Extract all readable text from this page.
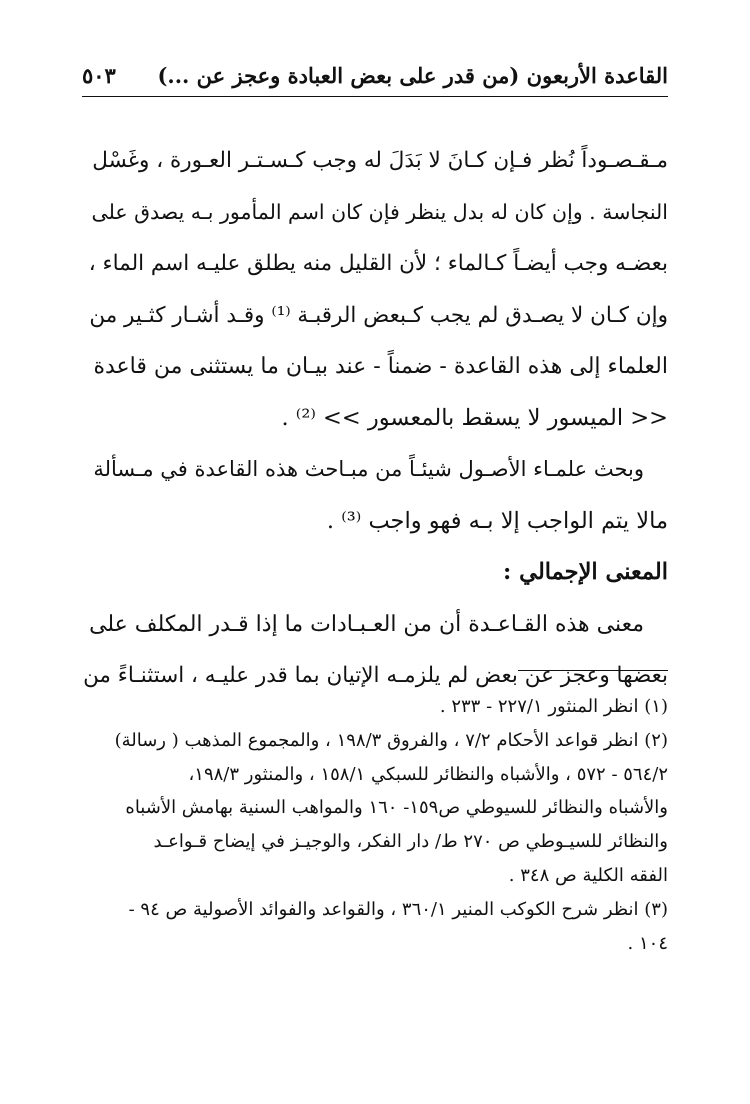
القاعدة الأربعون (من قدر على بعض العبادة وعجز عن ...)
٥٠٣
مـقـصـوداً نُظر فـإن كـانَ لا بَدَلَ له وجب كـسـتـر العـورة ، وغَسْل
النجاسة . وإن كان له بدل ينظر فإن كان اسم المأمور بـه يصدق على
بعضـه وجب أيضـاً كـالماء ؛ لأن القليل منه يطلق عليـه اسم الماء ،
وإن كـان لا يصـدق لم يجب كـبعض الرقبـة ⁽¹⁾ وقـد أشـار كثـير من
العلماء إلى هذه القاعدة - ضمناً - عند بيـان ما يستثنى من قاعدة
<< الميسور لا يسقط بالمعسور >> ⁽²⁾ .
وبحث علمـاء الأصـول شيئـاً من مبـاحث هذه القاعدة في مـسألة
مالا يتم الواجب إلا بـه فهو واجب ⁽³⁾ .
المعنى الإجمالي :
معنى هذه القـاعـدة أن من العـبـادات ما إذا قـدر المكلف على
بعضها وعجز عن بعض لم يلزمـه الإتيان بما قدر عليـه ، استثنـاءً من
(١) انظر المنثور ٢٢٧/١ - ٢٣٣ .
(٢) انظر قواعد الأحكام ٧/٢ ، والفروق ١٩٨/٣ ، والمجموع المذهب ( رسالة)
٥٦٤/٢ - ٥٧٢ ، والأشباه والنظائر للسبكي ١٥٨/١ ، والمنثور ١٩٨/٣،
والأشباه والنظائر للسيوطي ص١٥٩- ١٦٠ والمواهب السنية بهامش الأشباه
والنظائر للسيـوطي ص ٢٧٠ ط/ دار الفكر، والوجيـز في إيضاح قـواعـد
الفقه الكلية ص ٣٤٨ .
(٣) انظر شرح الكوكب المنير ٣٦٠/١ ، والقواعد والفوائد الأصولية ص ٩٤ -
١٠٤ .
